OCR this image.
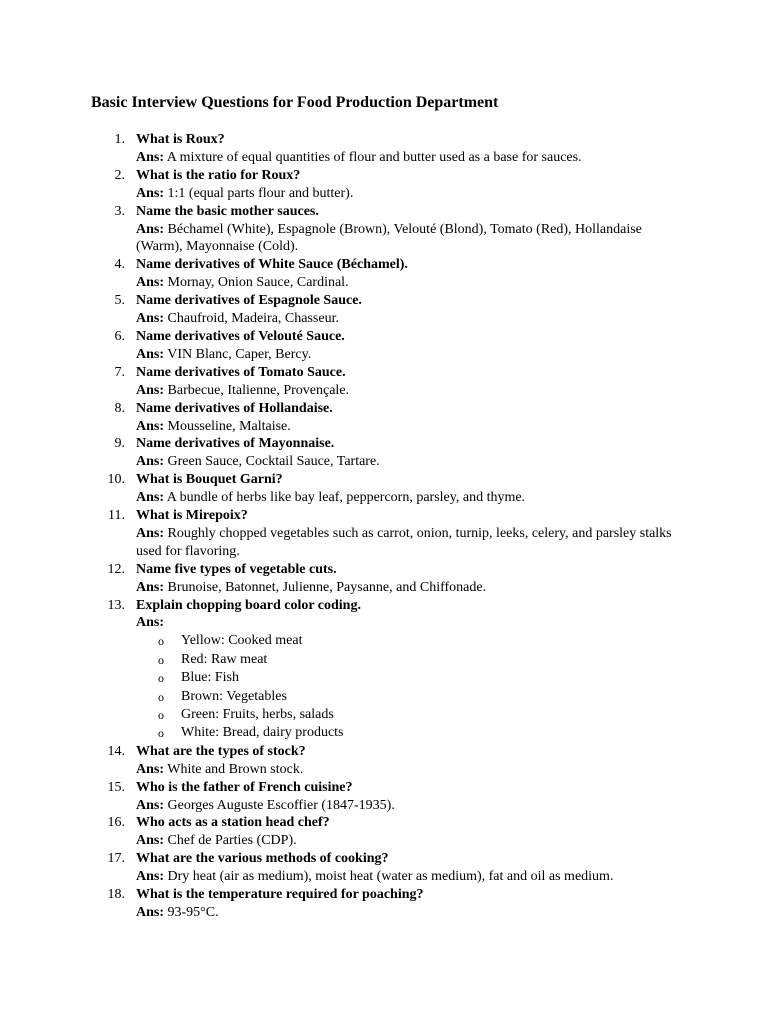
Basic Interview Questions for Food Production Department
1. What is Roux?
Ans: A mixture of equal quantities of flour and butter used as a base for sauces.
2. What is the ratio for Roux?
Ans: 1:1 (equal parts flour and butter).
3. Name the basic mother sauces.
Ans: Béchamel (White), Espagnole (Brown), Velouté (Blond), Tomato (Red), Hollandaise (Warm), Mayonnaise (Cold).
4. Name derivatives of White Sauce (Béchamel).
Ans: Mornay, Onion Sauce, Cardinal.
5. Name derivatives of Espagnole Sauce.
Ans: Chaufroid, Madeira, Chasseur.
6. Name derivatives of Velouté Sauce.
Ans: VIN Blanc, Caper, Bercy.
7. Name derivatives of Tomato Sauce.
Ans: Barbecue, Italienne, Provençale.
8. Name derivatives of Hollandaise.
Ans: Mousseline, Maltaise.
9. Name derivatives of Mayonnaise.
Ans: Green Sauce, Cocktail Sauce, Tartare.
10. What is Bouquet Garni?
Ans: A bundle of herbs like bay leaf, peppercorn, parsley, and thyme.
11. What is Mirepoix?
Ans: Roughly chopped vegetables such as carrot, onion, turnip, leeks, celery, and parsley stalks used for flavoring.
12. Name five types of vegetable cuts.
Ans: Brunoise, Batonnet, Julienne, Paysanne, and Chiffonade.
13. Explain chopping board color coding.
Ans:
o Yellow: Cooked meat
o Red: Raw meat
o Blue: Fish
o Brown: Vegetables
o Green: Fruits, herbs, salads
o White: Bread, dairy products
14. What are the types of stock?
Ans: White and Brown stock.
15. Who is the father of French cuisine?
Ans: Georges Auguste Escoffier (1847-1935).
16. Who acts as a station head chef?
Ans: Chef de Parties (CDP).
17. What are the various methods of cooking?
Ans: Dry heat (air as medium), moist heat (water as medium), fat and oil as medium.
18. What is the temperature required for poaching?
Ans: 93-95°C.
